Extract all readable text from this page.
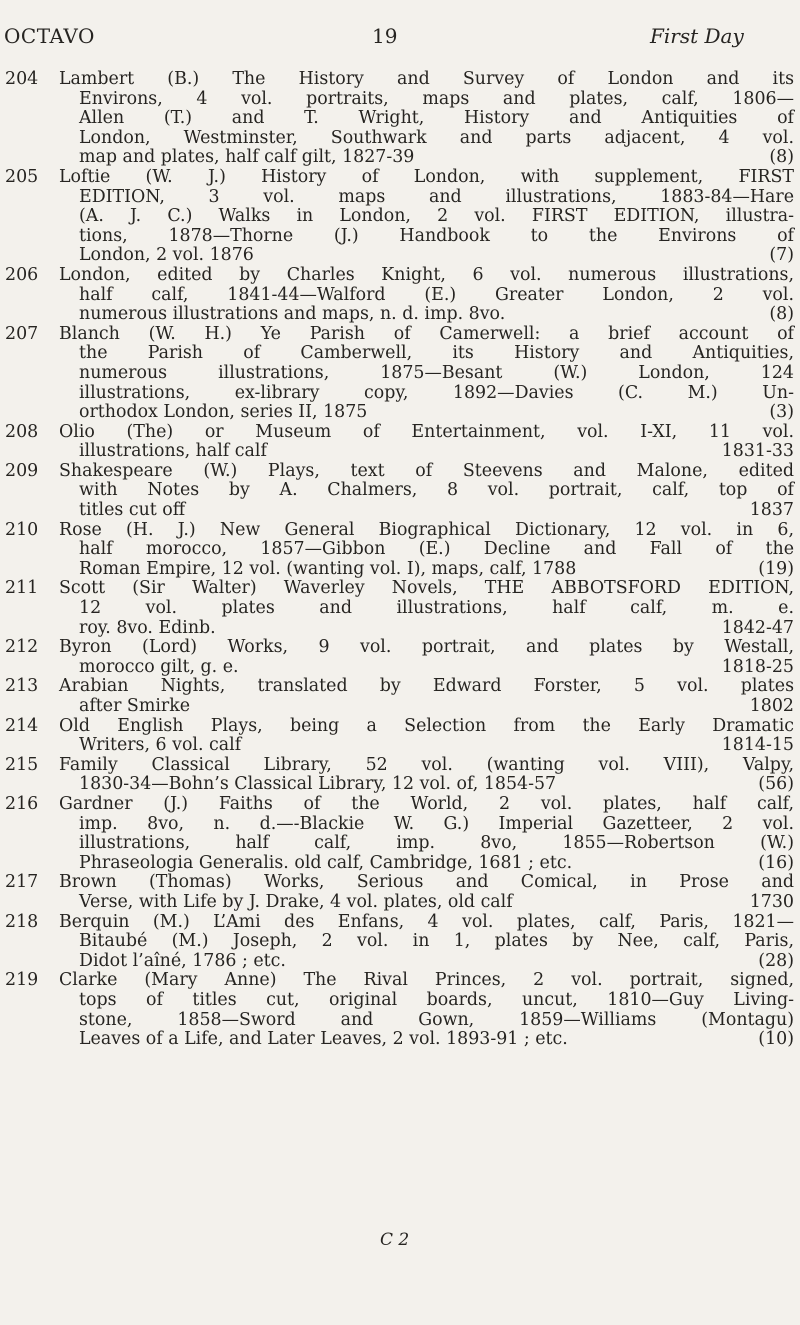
OCTAVO	19	First Day
204	Lambert (B.) The History and Survey of London and its
Environs, 4 vol. portraits, maps and plates, calf, 1806—
Allen (T.) and T. Wright, History and Antiquities of
London, Westminster, Southwark and parts adjacent, 4 vol.
map and plates, half calf gilt, 1827-39	(8)
205	Loftie (W. J.) History of London, with supplement, FIRST
EDITION, 3 vol. maps and illustrations, 1883-84—Hare
(A. J. C.) Walks in London, 2 vol. FIRST EDITION, illustra-
tions, 1878—Thorne (J.) Handbook to the Environs of
London, 2 vol. 1876	(7)
206	London, edited by Charles Knight, 6 vol. numerous illustrations,
half calf, 1841-44—Walford (E.) Greater London, 2 vol.
numerous illustrations and maps, n. d. imp. 8vo.	(8)
207	Blanch (W. H.) Ye Parish of Camerwell: a brief account of
the Parish of Camberwell, its History and Antiquities,
numerous illustrations, 1875—Besant (W.) London, 124
illustrations, ex-library copy, 1892—Davies (C. M.) Un-
orthodox London, series II, 1875	(3)
208	Olio (The) or Museum of Entertainment, vol. I-XI, 11 vol.
illustrations, half calf	1831-33
209	Shakespeare (W.) Plays, text of Steevens and Malone, edited
with Notes by A. Chalmers, 8 vol. portrait, calf, top of
titles cut off	1837
210	Rose (H. J.) New General Biographical Dictionary, 12 vol. in 6,
half morocco, 1857—Gibbon (E.) Decline and Fall of the
Roman Empire, 12 vol. (wanting vol. I), maps, calf, 1788	(19)
211	Scott (Sir Walter) Waverley Novels, THE ABBOTSFORD EDITION,
12 vol. plates and illustrations, half calf, m. e.
roy. 8vo. Edinb.	1842-47
212	Byron (Lord) Works, 9 vol. portrait, and plates by Westall,
morocco gilt, g. e.	1818-25
213	Arabian Nights, translated by Edward Forster, 5 vol. plates
after Smirke	1802
214	Old English Plays, being a Selection from the Early Dramatic
Writers, 6 vol. calf	1814-15
215	Family Classical Library, 52 vol. (wanting vol. VIII), Valpy,
1830-34—Bohn’s Classical Library, 12 vol. of, 1854-57	(56)
216	Gardner (J.) Faiths of the World, 2 vol. plates, half calf,
imp. 8vo, n. d.—-Blackie W. G.) Imperial Gazetteer, 2 vol.
illustrations, half calf, imp. 8vo, 1855—Robertson (W.)
Phraseologia Generalis. old calf, Cambridge, 1681 ; etc.	(16)
217	Brown (Thomas) Works, Serious and Comical, in Prose and
Verse, with Life by J. Drake, 4 vol. plates, old calf	1730
218	Berquin (M.) L’Ami des Enfans, 4 vol. plates, calf, Paris, 1821—
Bitaubé (M.) Joseph, 2 vol. in 1, plates by Nee, calf, Paris,
Didot l’aîné, 1786 ; etc.	(28)
219	Clarke (Mary Anne) The Rival Princes, 2 vol. portrait, signed,
tops of titles cut, original boards, uncut, 1810—Guy Living-
stone, 1858—Sword and Gown, 1859—Williams (Montagu)
Leaves of a Life, and Later Leaves, 2 vol. 1893-91 ; etc.	(10)
C 2
